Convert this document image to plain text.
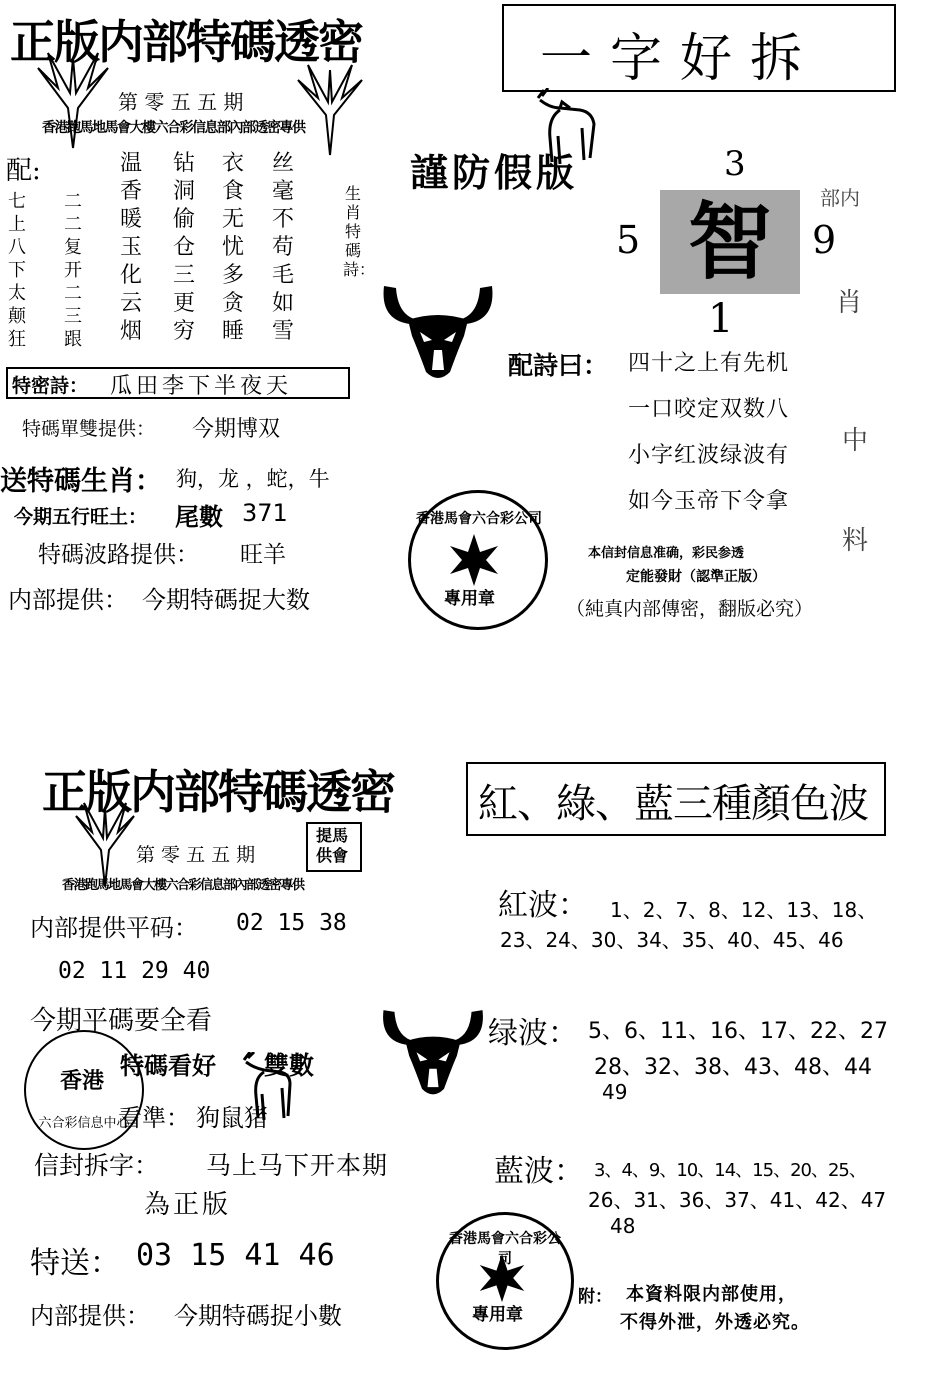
正版内部特碼透密
第 零 五 五 期
香港跑馬地馬會大樓六合彩信息部內部透密專供
配:	温
香
暖
玉
化
云
烟
钻
洞
偷
仓
三
更
穷
衣
食
无
忧
多
贪
睡
丝
毫
不
苟
毛
如
雪
七
上
八
下
太
颠
狂
二
二
复
开
二
三
跟
生肖特碼詩：
特密詩： 瓜田李下半夜天
特碼單雙提供： 今期博双
送特碼生肖： 狗，龙 ，蛇，牛
今期五行旺土： 尾數 371
特碼波路提供： 旺羊
内部提供： 今期特碼捉大数
一字好拆
謹防假版	3
5 智 9
1
部内
肖
中
料
配詩曰： 四十之上有先机
一口咬定双数八
小字红波绿波有
如今玉帝下令拿
香港馬會六合彩公司
專用章
本信封信息准确，彩民参透
定能發財（認準正版）
（純真内部傳密，翻版必究）
正版内部特碼透密
第 零 五 五 期
提馬供會
香港跑馬地馬會大樓六合彩信息部內部透密專供
内部提供平码： 02 15 38
02 11 29 40
今期平碼要全看
香港
六合彩信息中心
特碼看好 雙數
看準： 狗鼠猪
信封拆字： 马上马下开本期
為正版
特送： 03 15 41 46
内部提供： 今期特碼捉小數
紅、綠、藍三種顏色波
紅波： 1、2、7、8、12、13、18、
23、24、30、34、35、40、45、46
绿波： 5、6、11、16、17、22、27
28、32、38、43、48、44
49
藍波： 3、4、9、10、14、15、20、25、
26、31、36、37、41、42、47
48
香港馬會六合彩公司
專用章
附： 本資料限内部使用，
不得外泄，外透必究。
